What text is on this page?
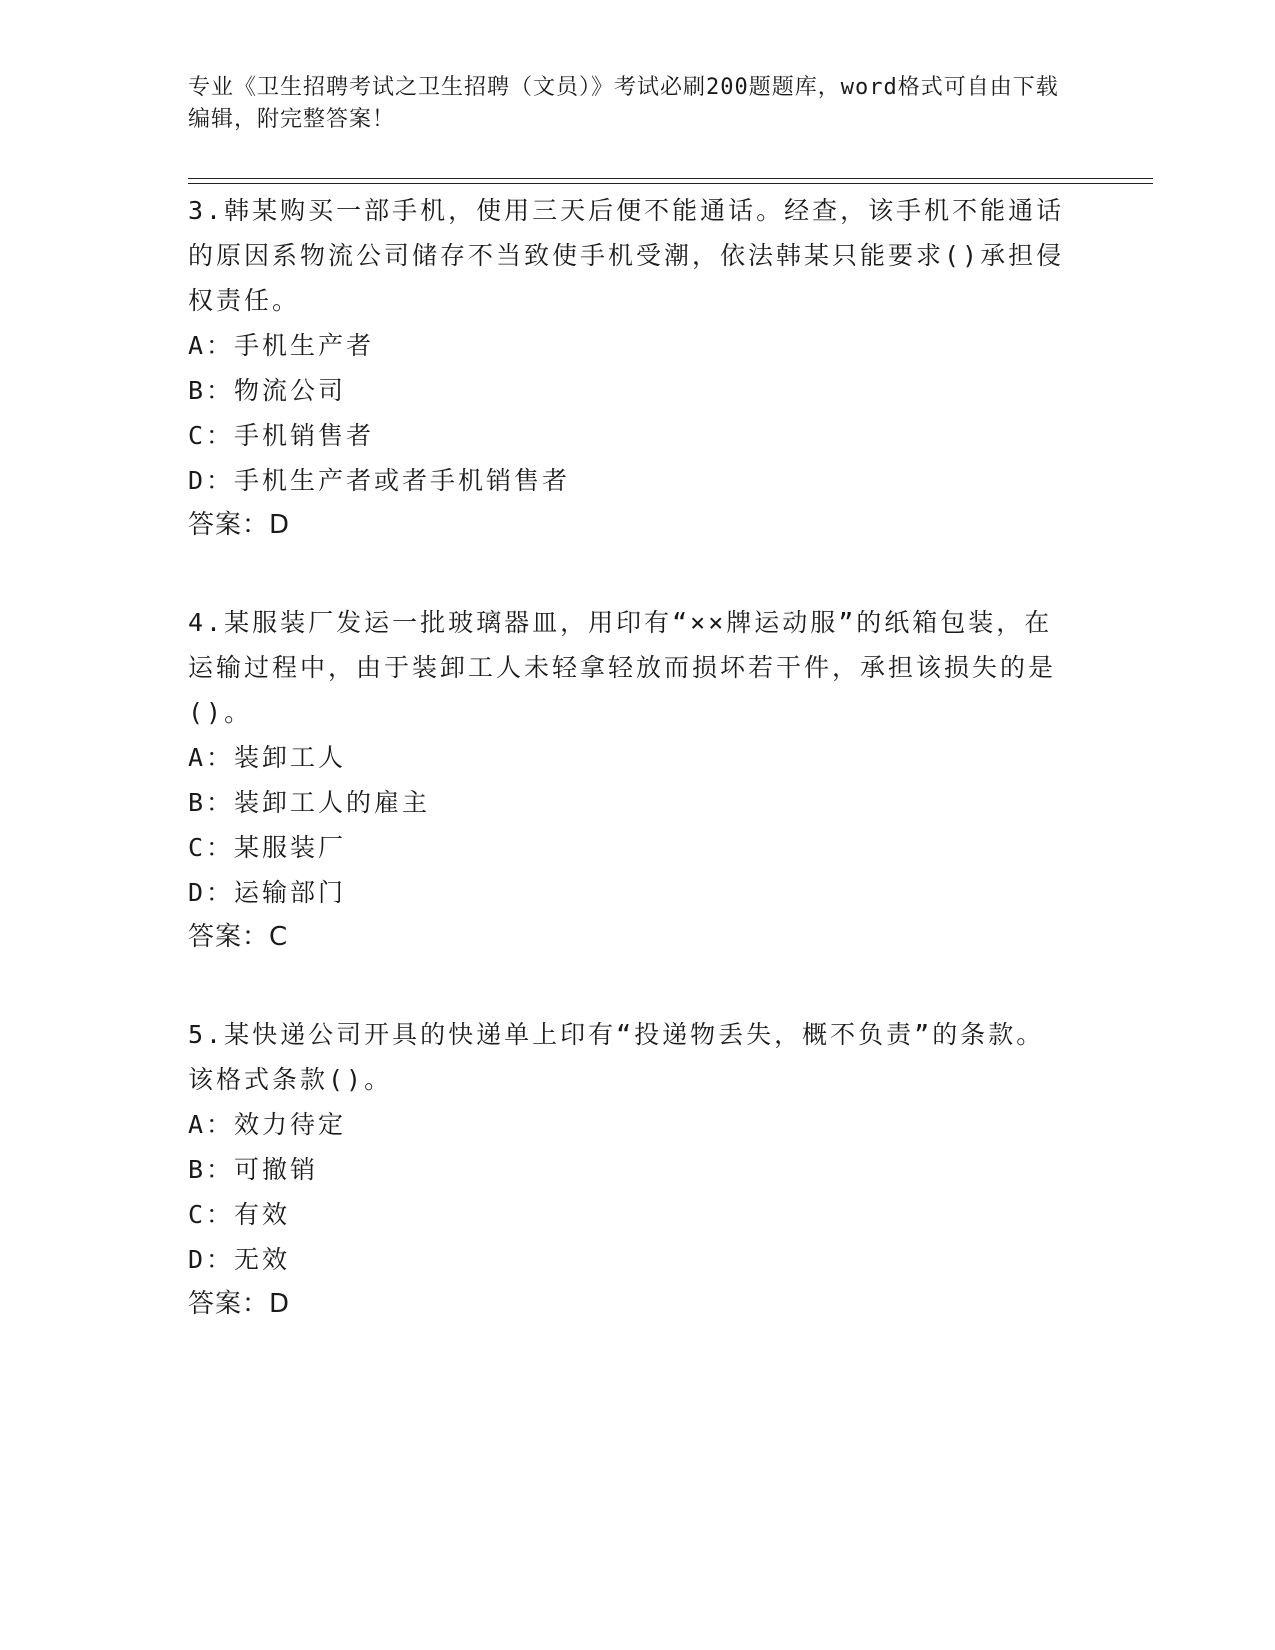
专业《卫生招聘考试之卫生招聘（文员）》考试必刷200题题库，word格式可自由下载编辑，附完整答案！

3.韩某购买一部手机，使用三天后便不能通话。经查，该手机不能通话的原因系物流公司储存不当致使手机受潮，依法韩某只能要求()承担侵权责任。

A：手机生产者

B：物流公司

C：手机销售者

D：手机生产者或者手机销售者

答案：D

4.某服装厂发运一批玻璃器皿，用印有“××牌运动服”的纸箱包装，在运输过程中，由于装卸工人未轻拿轻放而损坏若干件，承担该损失的是()。

A：装卸工人

B：装卸工人的雇主

C：某服装厂

D：运输部门

答案：C

5.某快递公司开具的快递单上印有“投递物丢失，概不负责”的条款。该格式条款()。

A：效力待定

B：可撤销

C：有效

D：无效

答案：D
